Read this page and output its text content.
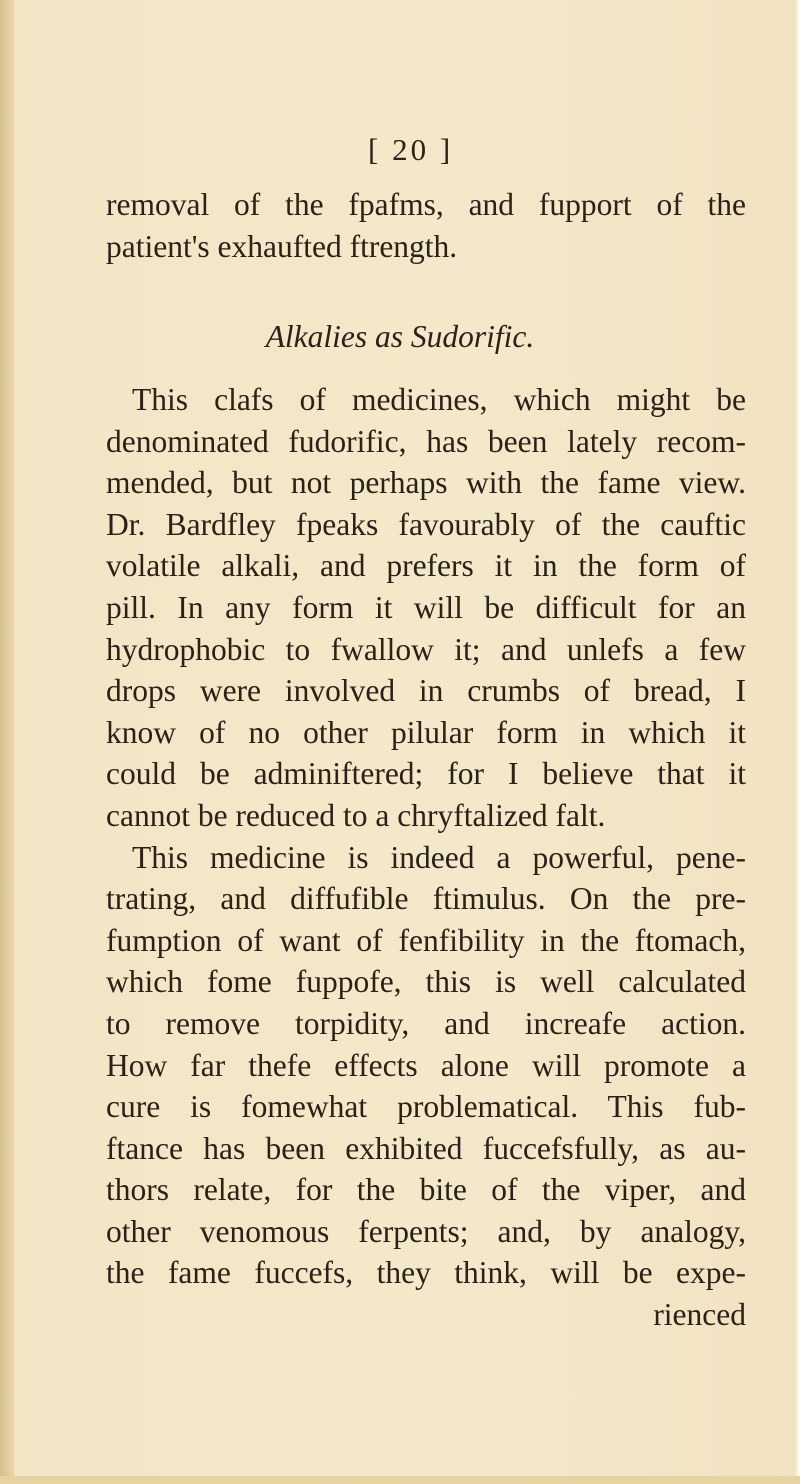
[ 20 ]
removal of the fpafms, and fupport of the
patient's exhaufted ftrength.
Alkalies as Sudorific.
This clafs of medicines, which might be
denominated fudorific, has been lately recom-
mended, but not perhaps with the fame view.
Dr. Bardfley fpeaks favourably of the cauftic
volatile alkali, and prefers it in the form of
pill. In any form it will be difficult for an
hydrophobic to fwallow it; and unlefs a few
drops were involved in crumbs of bread, I
know of no other pilular form in which it
could be adminiftered; for I believe that it
cannot be reduced to a chryftalized falt.
This medicine is indeed a powerful, pene-
trating, and diffufible ftimulus. On the pre-
fumption of want of fenfibility in the ftomach,
which fome fuppofe, this is well calculated
to remove torpidity, and increafe action.
How far thefe effects alone will promote a
cure is fomewhat problematical. This fub-
ftance has been exhibited fuccefsfully, as au-
thors relate, for the bite of the viper, and
other venomous ferpents; and, by analogy,
the fame fuccefs, they think, will be expe-
rienced
